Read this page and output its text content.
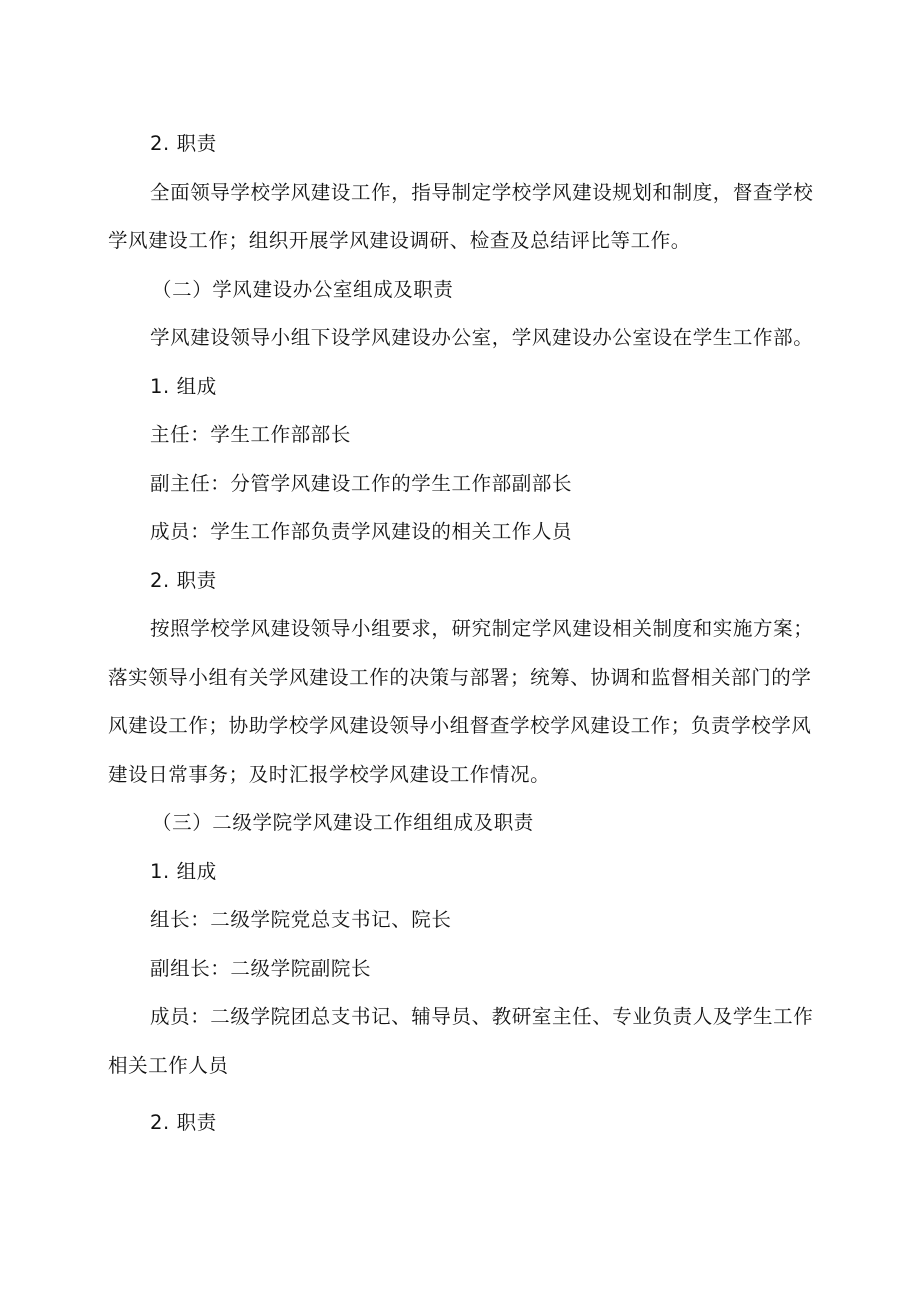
2. 职责
全面领导学校学风建设工作，指导制定学校学风建设规划和制度，督查学校
学风建设工作；组织开展学风建设调研、检查及总结评比等工作。
（二）学风建设办公室组成及职责
学风建设领导小组下设学风建设办公室，学风建设办公室设在学生工作部。
1. 组成
主任：学生工作部部长
副主任：分管学风建设工作的学生工作部副部长
成员：学生工作部负责学风建设的相关工作人员
2. 职责
按照学校学风建设领导小组要求，研究制定学风建设相关制度和实施方案；
落实领导小组有关学风建设工作的决策与部署；统筹、协调和监督相关部门的学
风建设工作；协助学校学风建设领导小组督查学校学风建设工作；负责学校学风
建设日常事务；及时汇报学校学风建设工作情况。
（三）二级学院学风建设工作组组成及职责
1. 组成
组长：二级学院党总支书记、院长
副组长：二级学院副院长
成员：二级学院团总支书记、辅导员、教研室主任、专业负责人及学生工作
相关工作人员
2. 职责
